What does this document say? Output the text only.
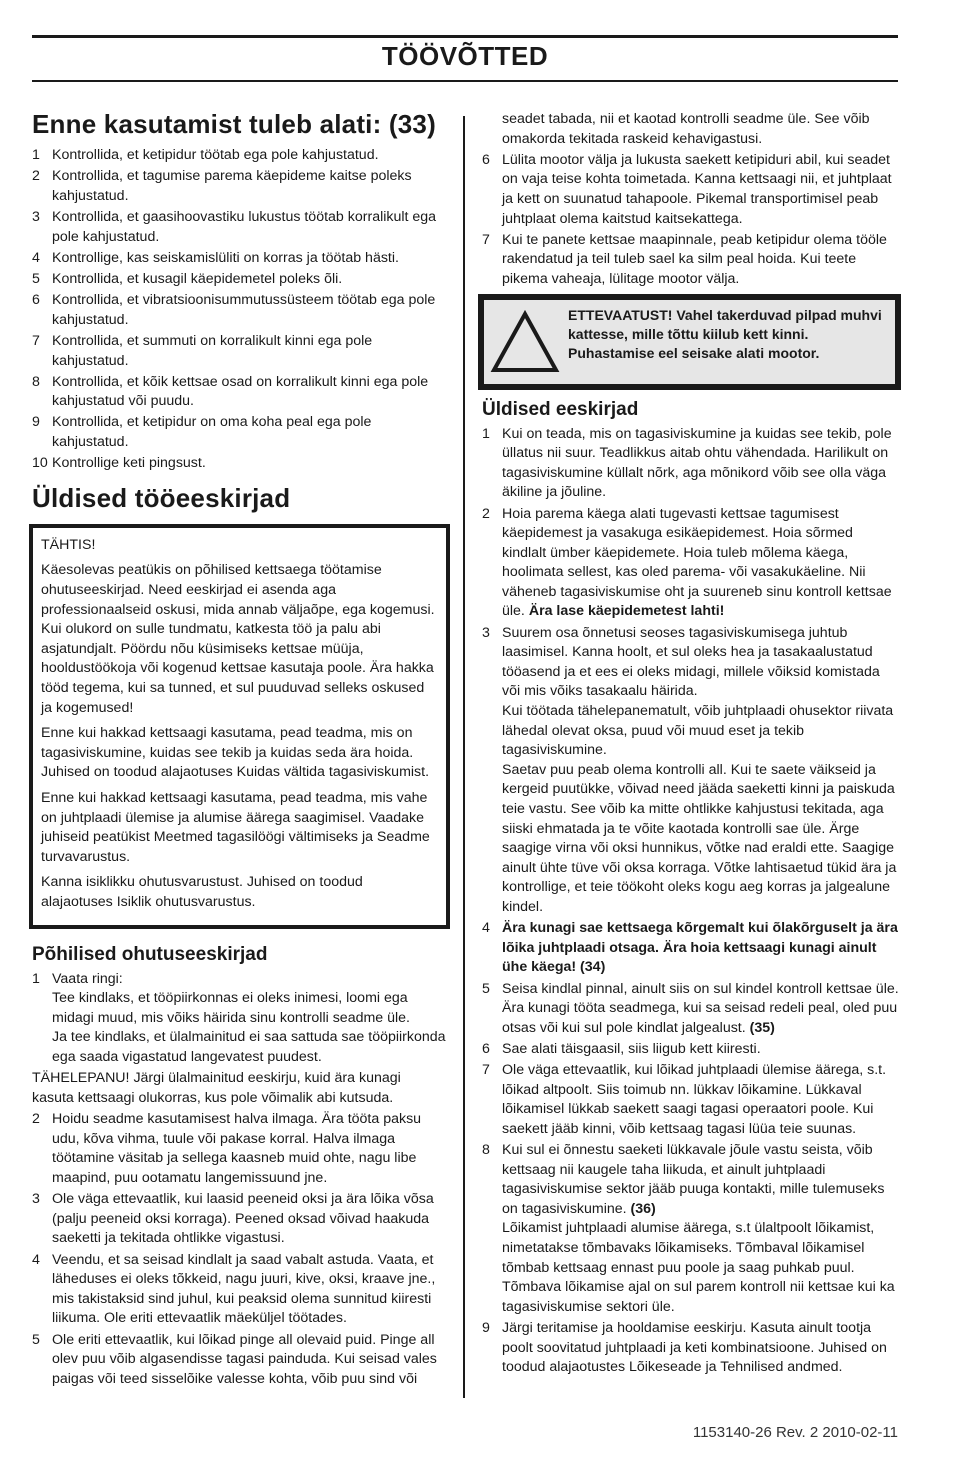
TÖÖVÕTTED
Enne kasutamist tuleb alati: (33)
1 Kontrollida, et ketipidur töötab ega pole kahjustatud.
2 Kontrollida, et tagumise parema käepideme kaitse poleks kahjustatud.
3 Kontrollida, et gaasihoovastiku lukustus töötab korralikult ega pole kahjustatud.
4 Kontrollige, kas seiskamislüliti on korras ja töötab hästi.
5 Kontrollida, et kusagil käepidemetel poleks õli.
6 Kontrollida, et vibratsioonisummutussüsteem töötab ega pole kahjustatud.
7 Kontrollida, et summuti on korralikult kinni ega pole kahjustatud.
8 Kontrollida, et kõik kettsae osad on korralikult kinni ega pole kahjustatud või puudu.
9 Kontrollida, et ketipidur on oma koha peal ega pole kahjustatud.
10 Kontrollige keti pingsust.
Üldised tööeeskirjad

TÄHTIS!

Käesolevas peatükis on põhilised kettsaega töötamise ohutuseeskirjad. Need eeskirjad ei asenda aga professionaalseid oskusi, mida annab väljaõpe, ega kogemusi. Kui olukord on sulle tundmatu, katkesta töö ja palu abi asjatundjalt. Pöördu nõu küsimiseks kettsae müüja, hooldustöökoja või kogenud kettsae kasutaja poole. Ära hakka tööd tegema, kui sa tunned, et sul puuduvad selleks oskused ja kogemused!

Enne kui hakkad kettsaagi kasutama, pead teadma, mis on tagasiviskumine, kuidas see tekib ja kuidas seda ära hoida. Juhised on toodud alajaotuses Kuidas vältida tagasiviskumist.

Enne kui hakkad kettsaagi kasutama, pead teadma, mis vahe on juhtplaadi ülemise ja alumise äärega saagimisel. Vaadake juhiseid peatükist Meetmed tagasilöögi vältimiseks ja Seadme turvavarustus.

Kanna isiklikku ohutusvarustust. Juhised on toodud alajaotuses Isiklik ohutusvarustus.

Põhilised ohutuseeskirjad
1 Vaata ringi:
Tee kindlaks, et tööpiirkonnas ei oleks inimesi, loomi ega midagi muud, mis võiks häirida sinu kontrolli seadme üle.
Ja tee kindlaks, et ülalmainitud ei saa sattuda sae tööpiirkonda ega saada vigastatud langevatest puudest.

TÄHELEPANU! Järgi ülalmainitud eeskirju, kuid ära kunagi kasuta kettsaagi olukorras, kus pole võimalik abi kutsuda.

2 Hoidu seadme kasutamisest halva ilmaga. Ära tööta paksu udu, kõva vihma, tuule või pakase korral. Halva ilmaga töötamine väsitab ja sellega kaasneb muid ohte, nagu libe maapind, puu ootamatu langemissuund jne.
3 Ole väga ettevaatlik, kui laasid peeneid oksi ja ära lõika võsa (palju peeneid oksi korraga). Peened oksad võivad haakuda saeketti ja tekitada ohtlikke vigastusi.
4 Veendu, et sa seisad kindlalt ja saad vabalt astuda. Vaata, et läheduses ei oleks tõkkeid, nagu juuri, kive, oksi, kraave jne., mis takistaksid sind juhul, kui peaksid olema sunnitud kiiresti liikuma. Ole eriti ettevaatlik mäeküljel töötades.
5 Ole eriti ettevaatlik, kui lõikad pinge all olevaid puid. Pinge all olev puu võib algasendisse tagasi painduda. Kui seisad vales paigas või teed sisselõike valesse kohta, võib puu sind või
seadet tabada, nii et kaotad kontrolli seadme üle. See võib omakorda tekitada raskeid kehavigastusi.
6 Lülita mootor välja ja lukusta saekett ketipiduri abil, kui seadet on vaja teise kohta toimetada. Kanna kettsaagi nii, et juhtplaat ja kett on suunatud tahapoole. Pikemal transportimisel peab juhtplaat olema kaitstud kaitsekattega.
7 Kui te panete kettsae maapinnale, peab ketipidur olema tööle rakendatud ja teil tuleb sael ka silm peal hoida. Kui teete pikema vaheaja, lülitage mootor välja.
ETTEVAATUST! Vahel takerduvad pilpad muhvi kattesse, mille tõttu kiilub kett kinni. Puhastamise eel seisake alati mootor.
Üldised eeskirjad
1 Kui on teada, mis on tagasiviskumine ja kuidas see tekib, pole üllatus nii suur. Teadlikkus aitab ohtu vähendada. Harilikult on tagasiviskumine küllalt nõrk, aga mõnikord võib see olla väga äkiline ja jõuline.
2 Hoia parema käega alati tugevasti kettsae tagumisest käepidemest ja vasakuga esikäepidemest. Hoia sõrmed kindlalt ümber käepidemete. Hoia tuleb mõlema käega, hoolimata sellest, kas oled parema- või vasakukäeline. Nii väheneb tagasiviskumise oht ja suureneb sinu kontroll kettsae üle. Ära lase käepidemetest lahti!
3 Suurem osa õnnetusi seoses tagasiviskumisega juhtub laasimisel. Kanna hoolt, et sul oleks hea ja tasakaalustatud tööasend ja et ees ei oleks midagi, millele võiksid komistada või mis võiks tasakaalu häirida.
Kui töötada tähelepanematult, võib juhtplaadi ohusektor riivata lähedal olevat oksa, puud või muud eset ja tekib tagasiviskumine.
Saetav puu peab olema kontrolli all. Kui te saete väikseid ja kergeid puutükke, võivad need jääda saeketti kinni ja paiskuda teie vastu. See võib ka mitte ohtlikke kahjustusi tekitada, aga siiski ehmatada ja te võite kaotada kontrolli sae üle. Ärge saagige virna või oksi hunnikus, võtke nad eraldi ette. Saagige ainult ühte tüve või oksa korraga. Võtke lahtisaetud tükid ära ja kontrollige, et teie töökoht oleks kogu aeg korras ja jalgealune kindel.
4 Ära kunagi sae kettsaega kõrgemalt kui õlakõrguselt ja ära lõika juhtplaadi otsaga. Ära hoia kettsaagi kunagi ainult ühe käega! (34)
5 Seisa kindlal pinnal, ainult siis on sul kindel kontroll kettsae üle. Ära kunagi tööta seadmega, kui sa seisad redeli peal, oled puu otsas või kui sul pole kindlat jalgealust. (35)
6 Sae alati täisgaasil, siis liigub kett kiiresti.
7 Ole väga ettevaatlik, kui lõikad juhtplaadi ülemise äärega, s.t. lõikad altpoolt. Siis toimub nn. lükkav lõikamine. Lükkaval lõikamisel lükkab saekett saagi tagasi operaatori poole. Kui saekett jääb kinni, võib kettsaag tagasi lüüa teie suunas.
8 Kui sul ei õnnestu saeketi lükkavale jõule vastu seista, võib kettsaag nii kaugele taha liikuda, et ainult juhtplaadi tagasiviskumise sektor jääb puuga kontakti, mille tulemuseks on tagasiviskumine. (36)
Lõikamist juhtplaadi alumise äärega, s.t ülaltpoolt lõikamist, nimetatakse tõmbavaks lõikamiseks. Tõmbaval lõikamisel tõmbab kettsaag ennast puu poole ja saag puhkab puul. Tõmbava lõikamise ajal on sul parem kontroll nii kettsae kui ka tagasiviskumise sektori üle.
9 Järgi teritamise ja hooldamise eeskirju. Kasuta ainult tootja poolt soovitatud juhtplaadi ja keti kombinatsioone. Juhised on toodud alajaotustes Lõikeseade ja Tehnilised andmed.
1153140-26 Rev. 2 2010-02-11
